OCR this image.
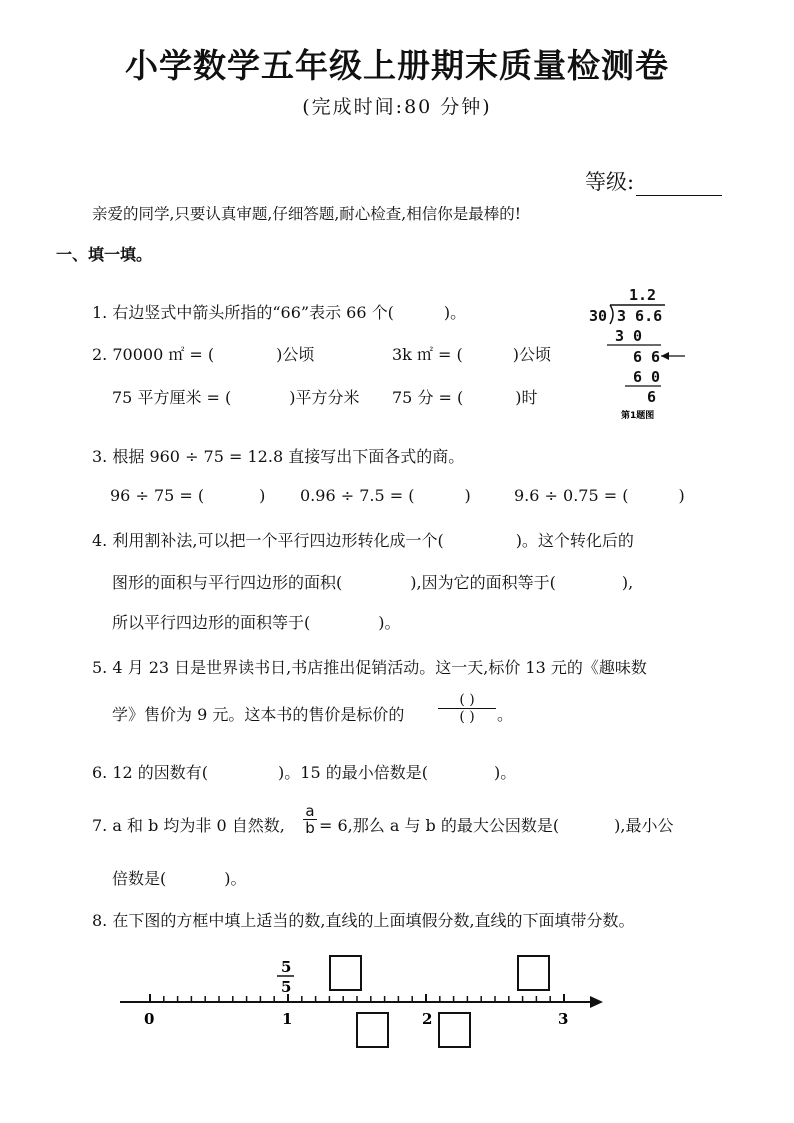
小学数学五年级上册期末质量检测卷
(完成时间:80 分钟)
等级:
亲爱的同学,只要认真审题,仔细答题,耐心检查,相信你是最棒的!
一、填一填。
1. 右边竖式中箭头所指的“66”表示 66 个(	)。
2. 70000 ㎡ = (	)公顷	3k ㎡ = (	)公顷
75 平方厘米 = (	)平方分米 75 分 = (	)时
1.2
30 3 6.6
3 0
6 6
6 0
6
第1题图
3. 根据 960 ÷ 75 = 12.8 直接写出下面各式的商。
96 ÷ 75 = (	) 0.96 ÷ 7.5 = (	)	9.6 ÷ 0.75 = (	)
4. 利用割补法,可以把一个平行四边形转化成一个(	)。这个转化后的
图形的面积与平行四边形的面积(	),因为它的面积等于(	),
所以平行四边形的面积等于(	)。
5. 4 月 23 日是世界读书日,书店推出促销活动。这一天,标价 13 元的《趣味数
学》售价为 9 元。这本书的售价是标价的
( )
( )	。
6. 12 的因数有(	)。15 的最小倍数是(	)。
7. a 和 b 均为非 0 自然数, $\frac{a}{b} = 6$,那么 a 与 b 的最大公因数是(	),最小公
倍数是(	)。
8. 在下图的方框中填上适当的数,直线的上面填假分数,直线的下面填带分数。
0	1	2	3
5
5
